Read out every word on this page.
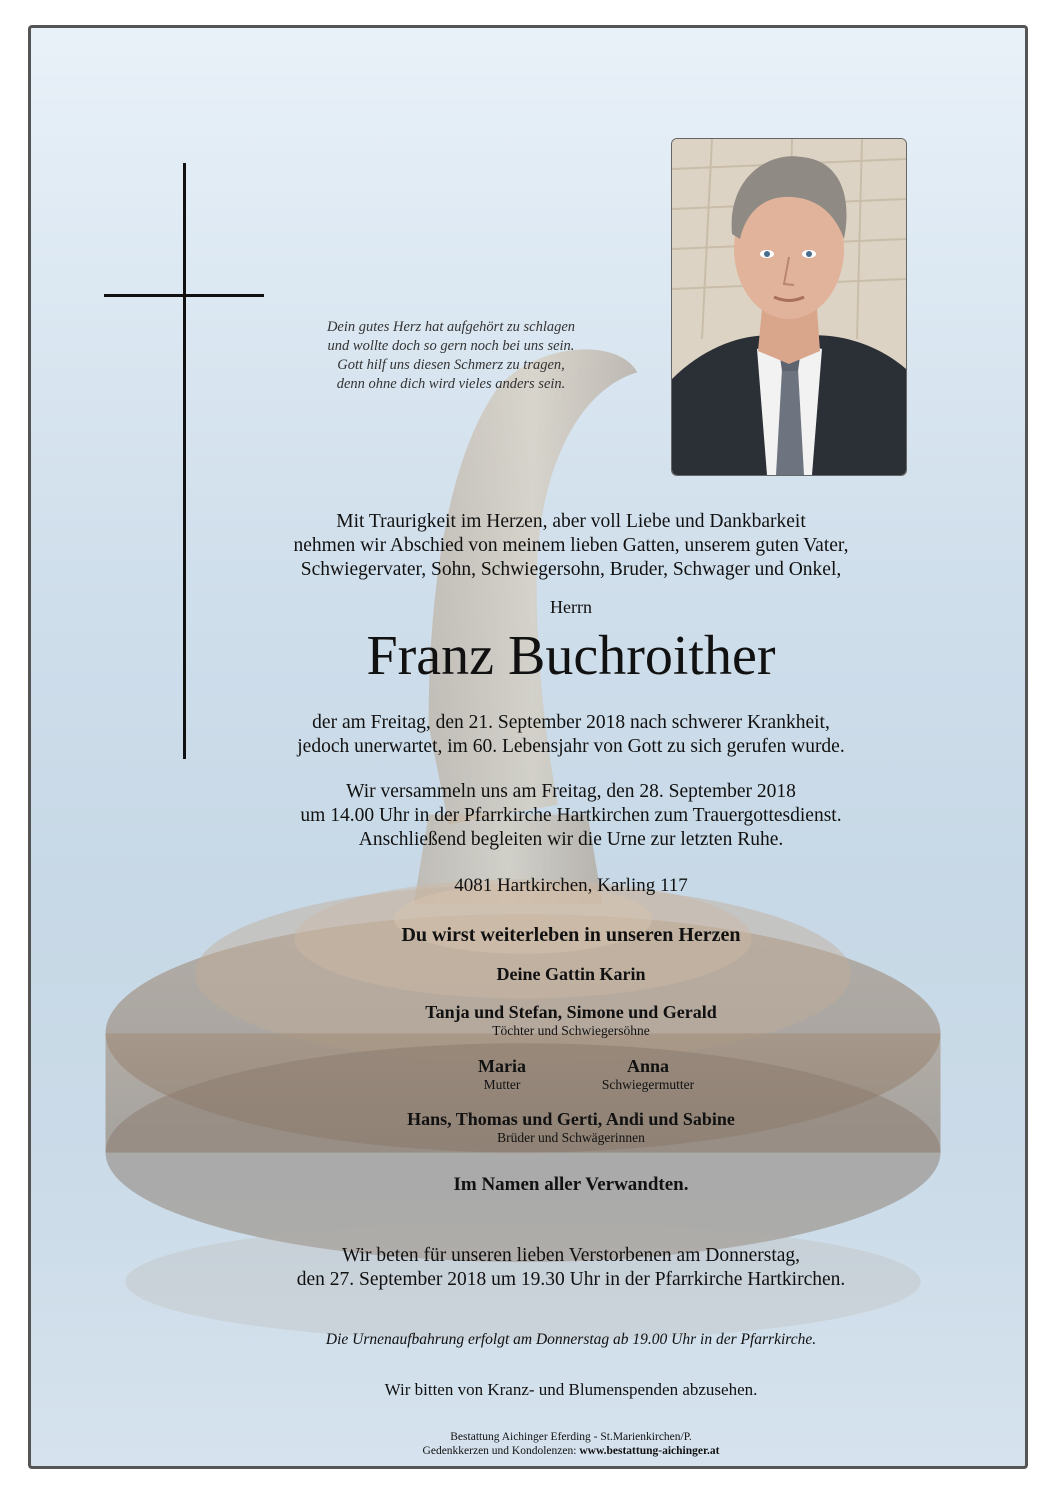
Dein gutes Herz hat aufgehört zu schlagen
und wollte doch so gern noch bei uns sein.
Gott hilf uns diesen Schmerz zu tragen,
denn ohne dich wird vieles anders sein.
Mit Traurigkeit im Herzen, aber voll Liebe und Dankbarkeit
nehmen wir Abschied von meinem lieben Gatten, unserem guten Vater,
Schwiegervater, Sohn, Schwiegersohn, Bruder, Schwager und Onkel,
Herrn
Franz Buchroither
der am Freitag, den 21. September 2018 nach schwerer Krankheit,
jedoch unerwartet, im 60. Lebensjahr von Gott zu sich gerufen wurde.
Wir versammeln uns am Freitag, den 28. September 2018
um 14.00 Uhr in der Pfarrkirche Hartkirchen zum Trauergottesdienst.
Anschließend begleiten wir die Urne zur letzten Ruhe.
4081 Hartkirchen, Karling 117
Du wirst weiterleben in unseren Herzen
Deine Gattin Karin
Tanja und Stefan, Simone und Gerald
Töchter und Schwiegersöhne
Maria
Mutter
Anna
Schwiegermutter
Hans, Thomas und Gerti, Andi und Sabine
Brüder und Schwägerinnen
Im Namen aller Verwandten.
Wir beten für unseren lieben Verstorbenen am Donnerstag,
den 27. September 2018 um 19.30 Uhr in der Pfarrkirche Hartkirchen.
Die Urnenaufbahrung erfolgt am Donnerstag ab 19.00 Uhr in der Pfarrkirche.
Wir bitten von Kranz- und Blumenspenden abzusehen.
Bestattung Aichinger Eferding - St.Marienkirchen/P.
Gedenkkerzen und Kondolenzen: www.bestattung-aichinger.at
